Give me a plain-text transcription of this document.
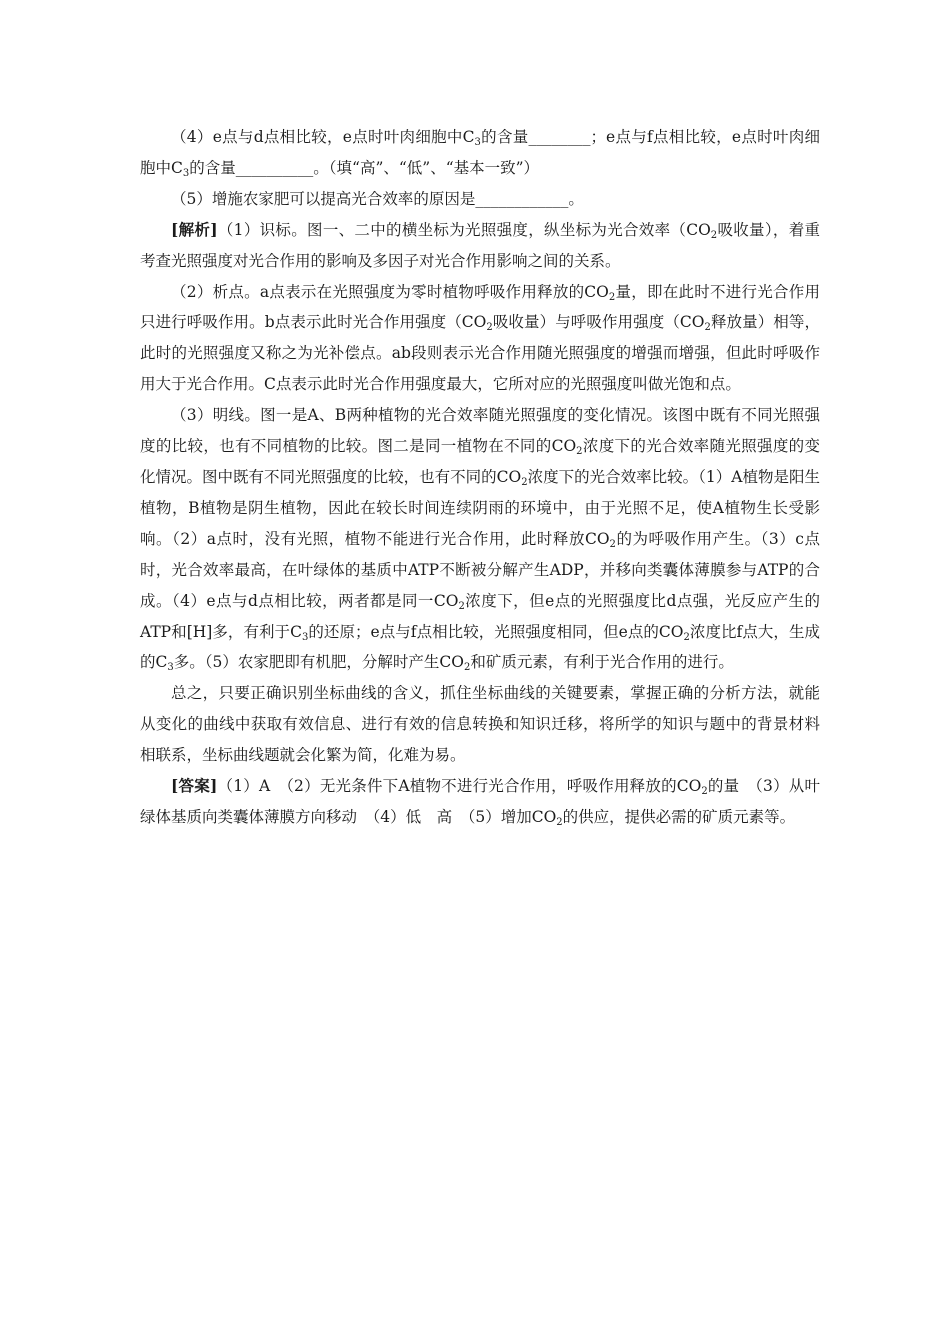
（4）e点与d点相比较，e点时叶肉细胞中$C_3$的含量________；e点与f点相比较，e点时叶肉细胞中$C_3$的含量__________。（填“高”、“低”、“基本一致”）

（5）增施农家肥可以提高光合效率的原因是____________。

[解析]（1）识标。图一、二中的横坐标为光照强度，纵坐标为光合效率（$CO_2$吸收量），着重考查光照强度对光合作用的影响及多因子对光合作用影响之间的关系。

（2）析点。a点表示在光照强度为零时植物呼吸作用释放的$CO_2$量，即在此时不进行光合作用只进行呼吸作用。b点表示此时光合作用强度（$CO_2$吸收量）与呼吸作用强度（$CO_2$释放量）相等，此时的光照强度又称之为光补偿点。ab段则表示光合作用随光照强度的增强而增强，但此时呼吸作用大于光合作用。C点表示此时光合作用强度最大，它所对应的光照强度叫做光饱和点。

（3）明线。图一是A、B两种植物的光合效率随光照强度的变化情况。该图中既有不同光照强度的比较，也有不同植物的比较。图二是同一植物在不同的$CO_2$浓度下的光合效率随光照强度的变化情况。图中既有不同光照强度的比较，也有不同的$CO_2$浓度下的光合效率比较。（1）A植物是阳生植物，B植物是阴生植物，因此在较长时间连续阴雨的环境中，由于光照不足，使A植物生长受影响。（2）a点时，没有光照，植物不能进行光合作用，此时释放$CO_2$的为呼吸作用产生。（3）c点时，光合效率最高，在叶绿体的基质中ATP不断被分解产生ADP，并移向类囊体薄膜参与ATP的合成。（4）e点与d点相比较，两者都是同一$CO_2$浓度下，但e点的光照强度比d点强，光反应产生的ATP和[H]多，有利于$C_3$的还原；e点与f点相比较，光照强度相同，但e点的$CO_2$浓度比f点大，生成的$C_3$多。（5）农家肥即有机肥，分解时产生$CO_2$和矿质元素，有利于光合作用的进行。

总之，只要正确识别坐标曲线的含义，抓住坐标曲线的关键要素，掌握正确的分析方法，就能从变化的曲线中获取有效信息、进行有效的信息转换和知识迁移，将所学的知识与题中的背景材料相联系，坐标曲线题就会化繁为简，化难为易。

[答案]（1）A　（2）无光条件下A植物不进行光合作用，呼吸作用释放的$CO_2$的量　（3）从叶绿体基质向类囊体薄膜方向移动　（4）低　高　（5）增加$CO_2$的供应，提供必需的矿质元素等。
